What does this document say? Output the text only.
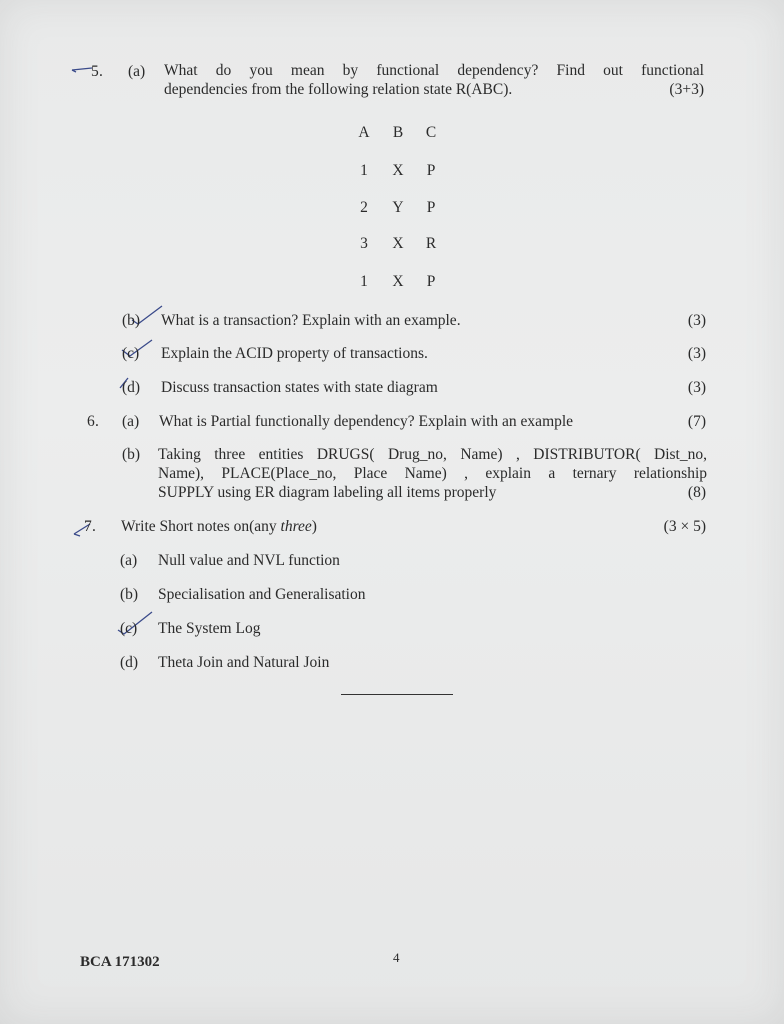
5. (a) What do you mean by functional dependency? Find out functional
dependencies from the following relation state R(ABC).	(3+3)
A	B	C
1	X	P
2	Y	P
3	X	R
1	X	P
(b) What is a transaction? Explain with an example.	(3)
(c) Explain the ACID property of transactions.	(3)
(d) Discuss transaction states with state diagram	(3)
6. (a) What is Partial functionally dependency? Explain with an example	(7)
(b) Taking three entities DRUGS( Drug_no, Name) , DISTRIBUTOR( Dist_no,
Name), PLACE(Place_no, Place Name) , explain a ternary relationship
SUPPLY using ER diagram labeling all items properly	(8)
7. Write Short notes on(any three)	(3 × 5)
(a) Null value and NVL function
(b) Specialisation and Generalisation
(c) The System Log
(d) Theta Join and Natural Join
BCA 171302	4
